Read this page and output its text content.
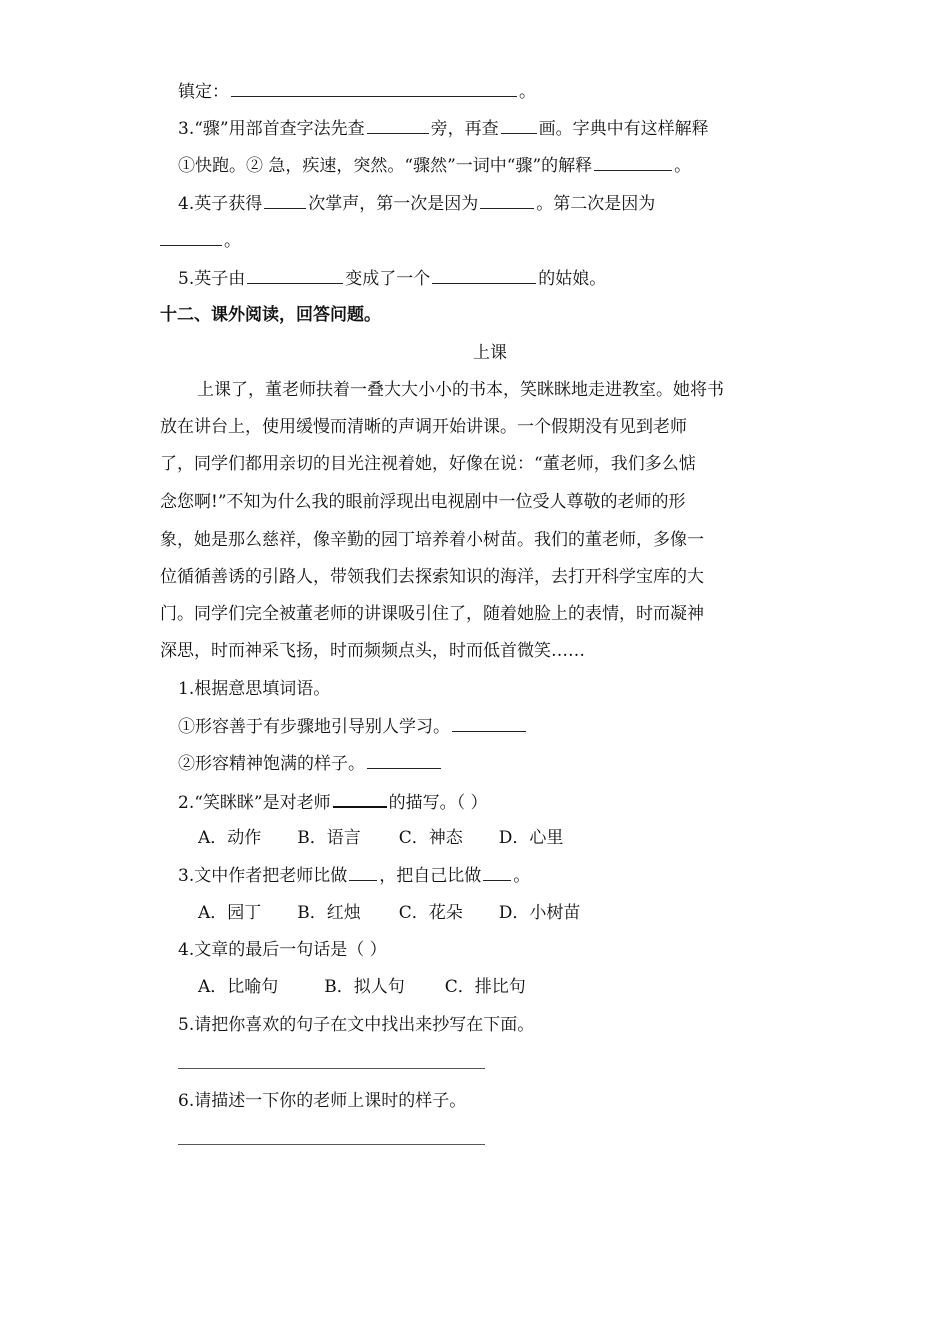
镇定：	。
3.“骤”用部首查字法先查	旁，再查 画。字典中有这样解释
①快跑。② 急，疾速，突然。“骤然”一词中“骤”的解释	。
4.英子获得	次掌声，第一次是因为	。第二次是因为
。
5.英子由	变成了一个	的姑娘。
十二、课外阅读，回答问题。
上课
上课了，董老师扶着一叠大大小小的书本，笑眯眯地走进教室。她将书
放在讲台上，使用缓慢而清晰的声调开始讲课。一个假期没有见到老师
了，同学们都用亲切的目光注视着她，好像在说：“董老师，我们多么惦
念您啊!”不知为什么我的眼前浮现出电视剧中一位受人尊敬的老师的形
象，她是那么慈祥，像辛勤的园丁培养着小树苗。我们的董老师，多像一
位循循善诱的引路人，带领我们去探索知识的海洋，去打开科学宝库的大
门。同学们完全被董老师的讲课吸引住了，随着她脸上的表情，时而凝神
深思，时而神采飞扬，时而频频点头，时而低首微笑……
1.根据意思填词语。
①形容善于有步骤地引导别人学习。
②形容精神饱满的样子。
2.“笑眯眯”是对老师	的描写。（ ）
A．动作 B．语言 C．神态 D．心里
3.文中作者把老师比做 ，把自己比做 。
A．园丁 B．红烛 C．花朵 D．小树苗
4.文章的最后一句话是（ ）
A．比喻句	B．拟人句 C．排比句
5.请把你喜欢的句子在文中找出来抄写在下面。
6.请描述一下你的老师上课时的样子。
